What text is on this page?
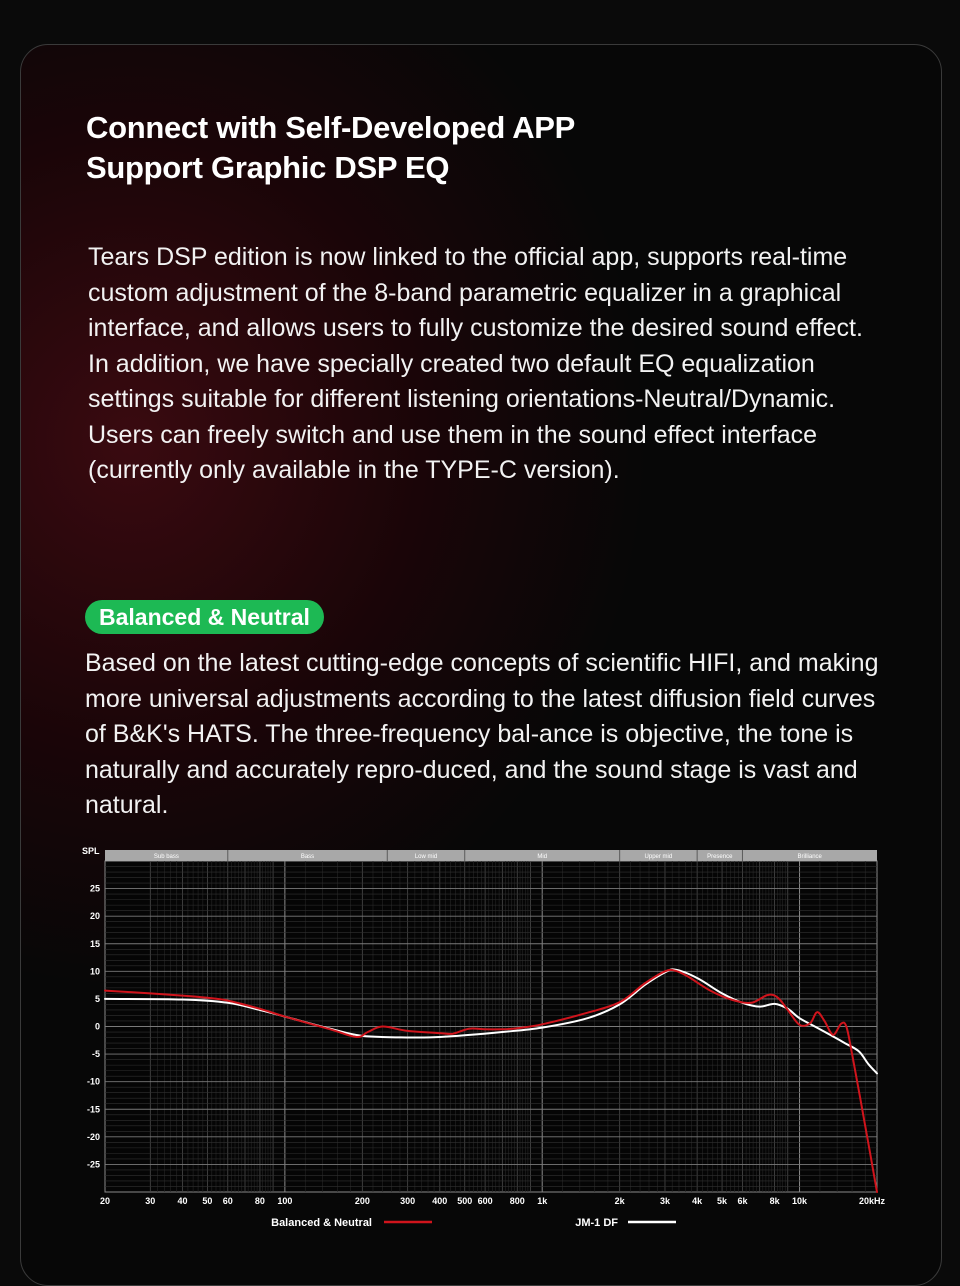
Connect with Self-Developed APP
Support Graphic DSP EQ

Tears DSP edition is now linked to the official app, supports real-time custom adjustment of the 8-band parametric equalizer in a graphical interface, and allows users to fully customize the desired sound effect. In addition, we have specially created two default EQ equalization settings suitable for different listening orientations-Neutral/Dynamic. Users can freely switch and use them in the sound effect interface (currently only available in the TYPE-C version).

Balanced & Neutral

Based on the latest cutting-edge concepts of scientific HIFI, and making more universal adjustments according to the latest diffusion field curves of B&K's HATS. The three-frequency bal-ance is objective, the tone is naturally and accurately repro-duced, and the sound stage is vast and natural.

Sub bass	Bass	Low mid	Mid	Upper mid	Presence	Brilliance
25
20
15
10
5
0
-5
-10
-15
-20
-25
20	30 40 50 60 80 100	200	300 400 500 600 800 1k	2k	3k 4k 5k 6k 8k 10k	20kHz
Balanced & Neutral	JM-1 DF
SPL
